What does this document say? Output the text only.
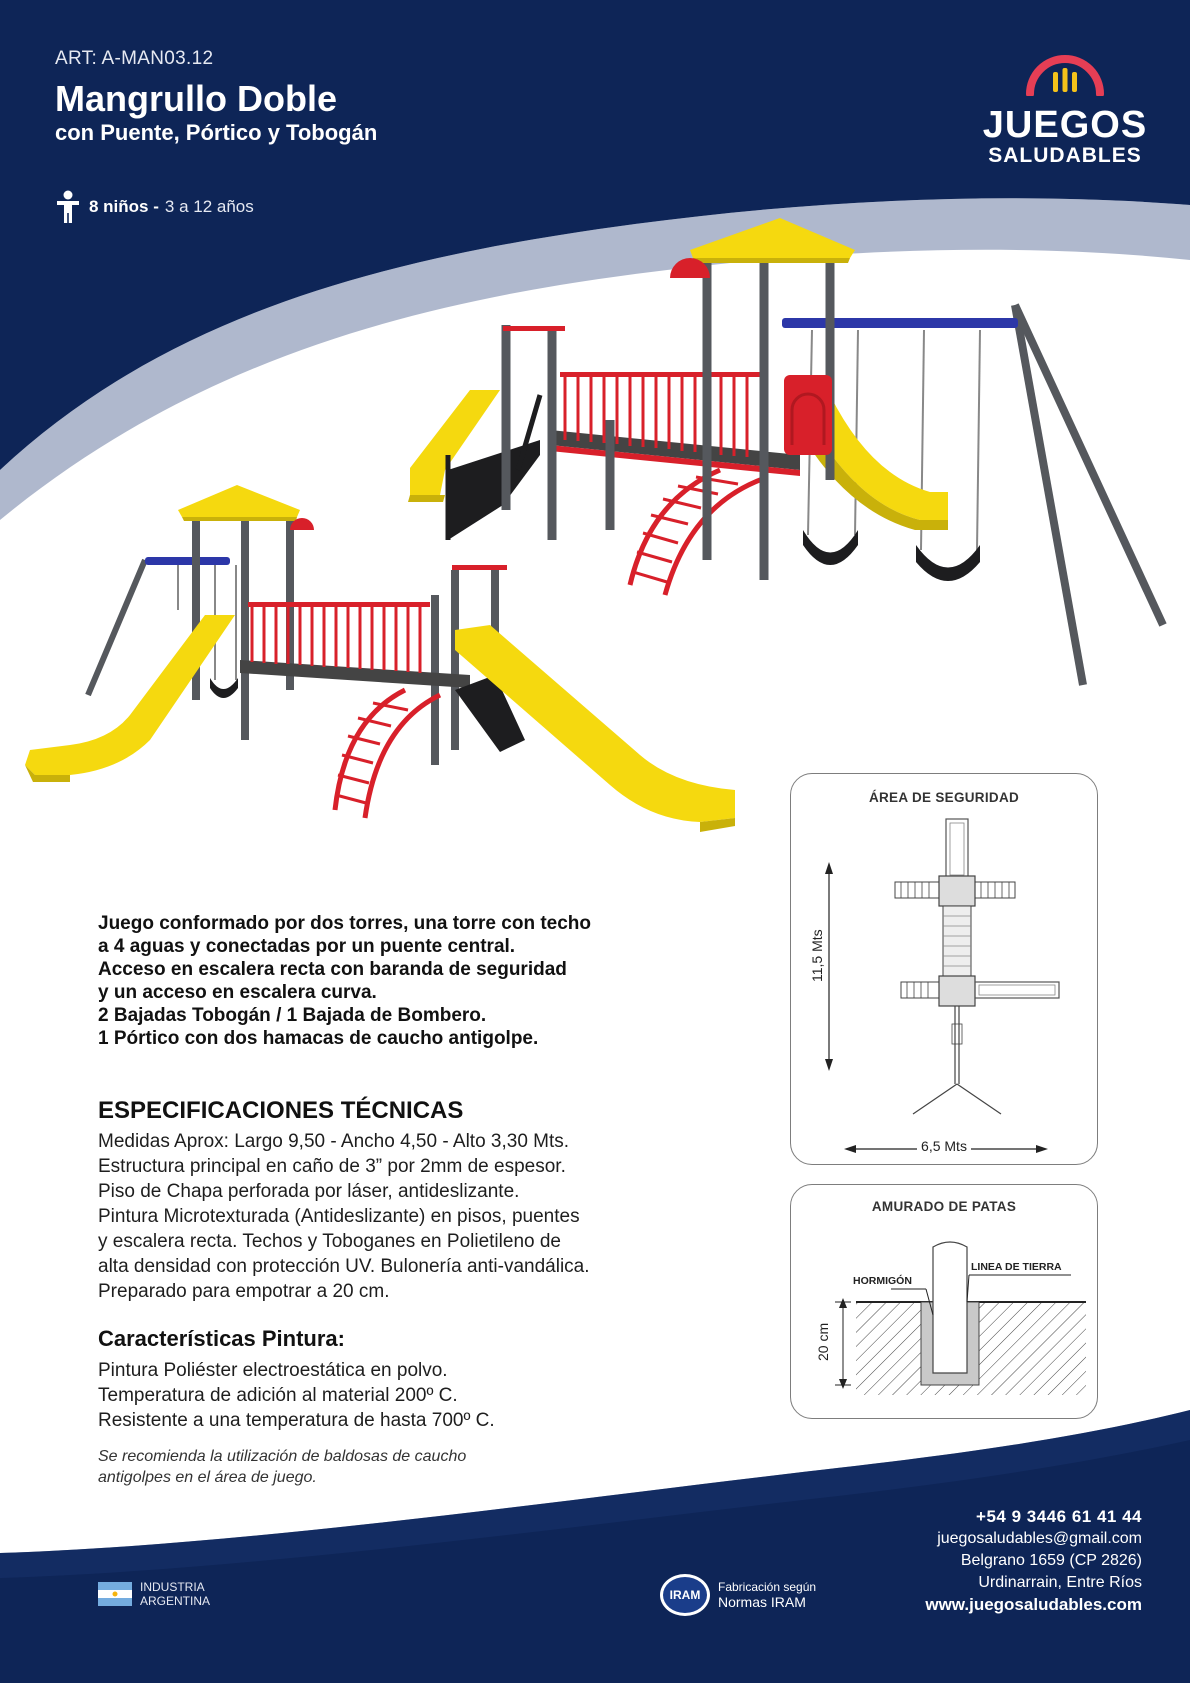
ART: A-MAN03.12
Mangrullo Doble
con Puente, Pórtico y Tobogán
8 niños - 3 a 12 años
JUEGOS
SALUDABLES
Juego conformado por dos torres, una torre con techo
a 4 aguas y conectadas por un puente central.
Acceso en escalera recta con baranda de seguridad
y un acceso en escalera curva.
2 Bajadas Tobogán / 1 Bajada de Bombero.
1 Pórtico con dos hamacas de caucho antigolpe.
ESPECIFICACIONES TÉCNICAS
Medidas Aprox: Largo 9,50 - Ancho 4,50 - Alto 3,30 Mts.
Estructura principal en caño de 3” por 2mm de espesor.
Piso de Chapa perforada por láser, antideslizante.
Pintura Microtexturada (Antideslizante) en pisos, puentes
y escalera recta. Techos y Toboganes en Polietileno de
alta densidad con protección UV. Bulonería anti-vandálica.
Preparado para empotrar a 20 cm.
Características Pintura:
Pintura Poliéster electroestática en polvo.
Temperatura de adición al material 200º C.
Resistente a una temperatura de hasta 700º C.
Se recomienda la utilización de baldosas de caucho
antigolpes en el área de juego.
ÁREA DE SEGURIDAD
11,5 Mts
6,5 Mts
AMURADO DE PATAS
HORMIGÓN
LINEA DE TIERRA
20 cm
+54 9 3446 61 41 44
juegosaludables@gmail.com
Belgrano 1659 (CP 2826)
Urdinarrain, Entre Ríos
www.juegosaludables.com
INDUSTRIA
ARGENTINA	IRAM
Fabricación según
Normas IRAM
